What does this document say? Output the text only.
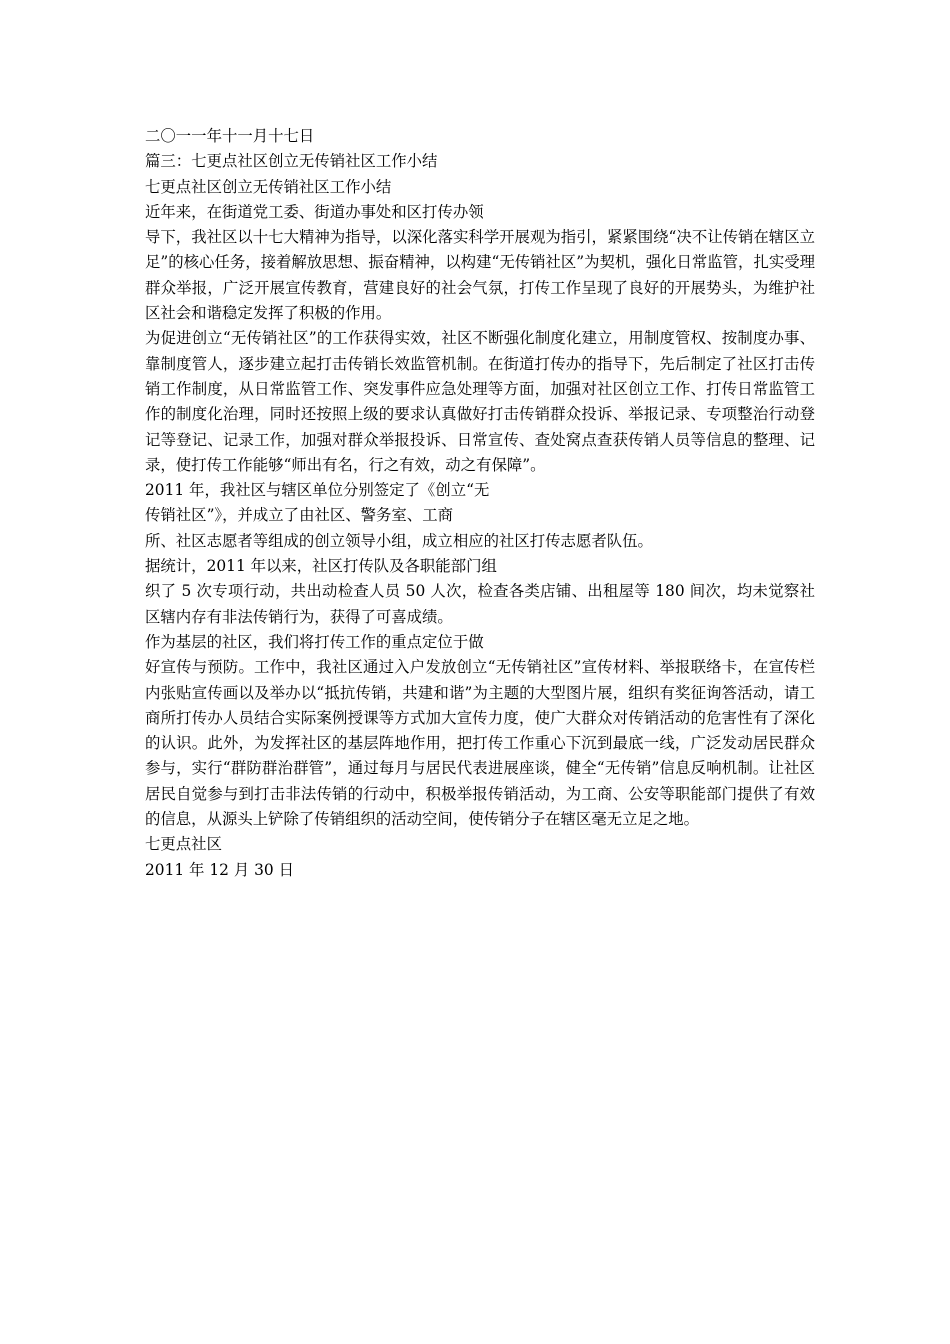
二〇一一年十一月十七日
篇三：七更点社区创立无传销社区工作小结
七更点社区创立无传销社区工作小结
近年来，在街道党工委、街道办事处和区打传办领
导下，我社区以十七大精神为指导，以深化落实科学开展观为指引，紧紧围绕“决不让传销在辖区立足”的核心任务，接着解放思想、振奋精神，以构建“无传销社区”为契机，强化日常监管，扎实受理群众举报，广泛开展宣传教育，营建良好的社会气氛，打传工作呈现了良好的开展势头，为维护社区社会和谐稳定发挥了积极的作用。
为促进创立“无传销社区”的工作获得实效，社区不断强化制度化建立，用制度管权、按制度办事、靠制度管人，逐步建立起打击传销长效监管机制。在街道打传办的指导下，先后制定了社区打击传销工作制度，从日常监管工作、突发事件应急处理等方面，加强对社区创立工作、打传日常监管工作的制度化治理，同时还按照上级的要求认真做好打击传销群众投诉、举报记录、专项整治行动登记等登记、记录工作，加强对群众举报投诉、日常宣传、查处窝点查获传销人员等信息的整理、记录，使打传工作能够“师出有名，行之有效，动之有保障”。
2011 年，我社区与辖区单位分别签定了《创立“无
传销社区”》，并成立了由社区、警务室、工商
所、社区志愿者等组成的创立领导小组，成立相应的社区打传志愿者队伍。
据统计，2011 年以来，社区打传队及各职能部门组
织了 5 次专项行动，共出动检查人员 50 人次，检查各类店铺、出租屋等 180 间次，均未觉察社区辖内存有非法传销行为，获得了可喜成绩。
作为基层的社区，我们将打传工作的重点定位于做
好宣传与预防。工作中，我社区通过入户发放创立“无传销社区”宣传材料、举报联络卡，在宣传栏内张贴宣传画以及举办以“抵抗传销，共建和谐”为主题的大型图片展，组织有奖征询答活动，请工商所打传办人员结合实际案例授课等方式加大宣传力度，使广大群众对传销活动的危害性有了深化的认识。此外，为发挥社区的基层阵地作用，把打传工作重心下沉到最底一线，广泛发动居民群众参与，实行“群防群治群管”，通过每月与居民代表进展座谈，健全“无传销”信息反响机制。让社区居民自觉参与到打击非法传销的行动中，积极举报传销活动，为工商、公安等职能部门提供了有效的信息，从源头上铲除了传销组织的活动空间，使传销分子在辖区毫无立足之地。
七更点社区
2011 年 12 月 30 日
